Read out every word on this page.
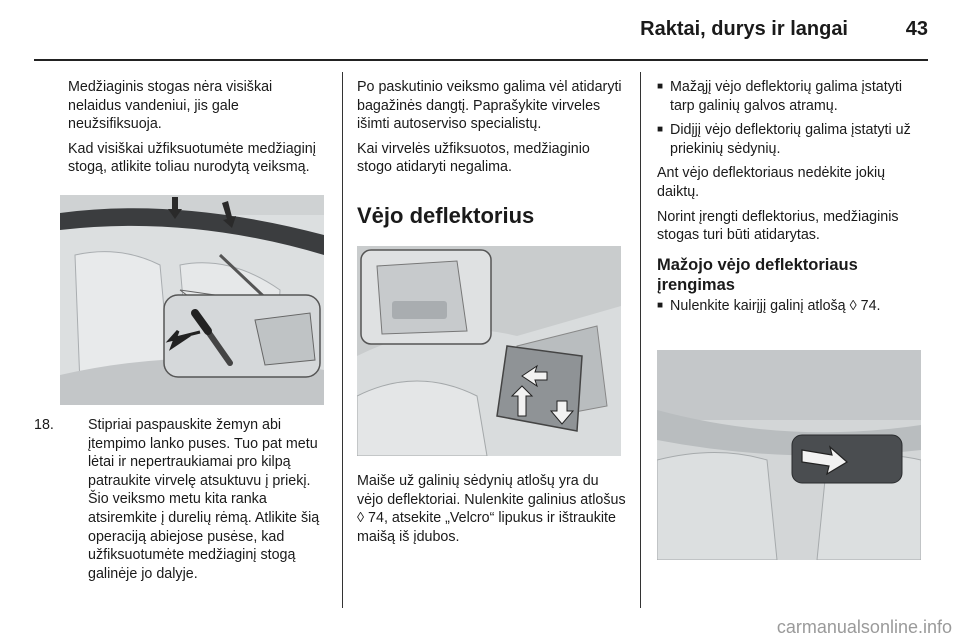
Raktai, durys ir langai	43

Medžiaginis stogas nėra visiškai nelaidus vandeniui, jis gale neužsifiksuoja.

Kad visiškai užfiksuotumėte medžiaginį stogą, atlikite toliau nurodytą veiksmą.

18. Stipriai paspauskite žemyn abi įtempimo lanko puses. Tuo pat metu lėtai ir nepertraukiamai pro kilpą patraukite virvelę atsuktuvu į priekį. Šio veiksmo metu kita ranka atsiremkite į durelių rėmą. Atlikite šią operaciją abiejose pusėse, kad užfiksuotumėte medžiaginį stogą galinėje jo dalyje.

Po paskutinio veiksmo galima vėl atidaryti bagažinės dangtį. Paprašykite virveles išimti autoserviso specialistų.

Kai virvelės užfiksuotos, medžiaginio stogo atidaryti negalima.

Vėjo deflektorius

Maiše už galinių sėdynių atlošų yra du vėjo deflektoriai. Nulenkite galinius atlošus ◊ 74, atsekite „Velcro“ lipukus ir ištraukite maišą iš įdubos.

■ Mažąjį vėjo deflektorių galima įstatyti tarp galinių galvos atramų.
■ Didįjį vėjo deflektorių galima įstatyti už priekinių sėdynių.

Ant vėjo deflektoriaus nedėkite jokių daiktų.

Norint įrengti deflektorius, medžiaginis stogas turi būti atidarytas.

Mažojo vėjo deflektoriaus įrengimas
■ Nulenkite kairįjį galinį atlošą ◊ 74.
carmanualsonline.info
